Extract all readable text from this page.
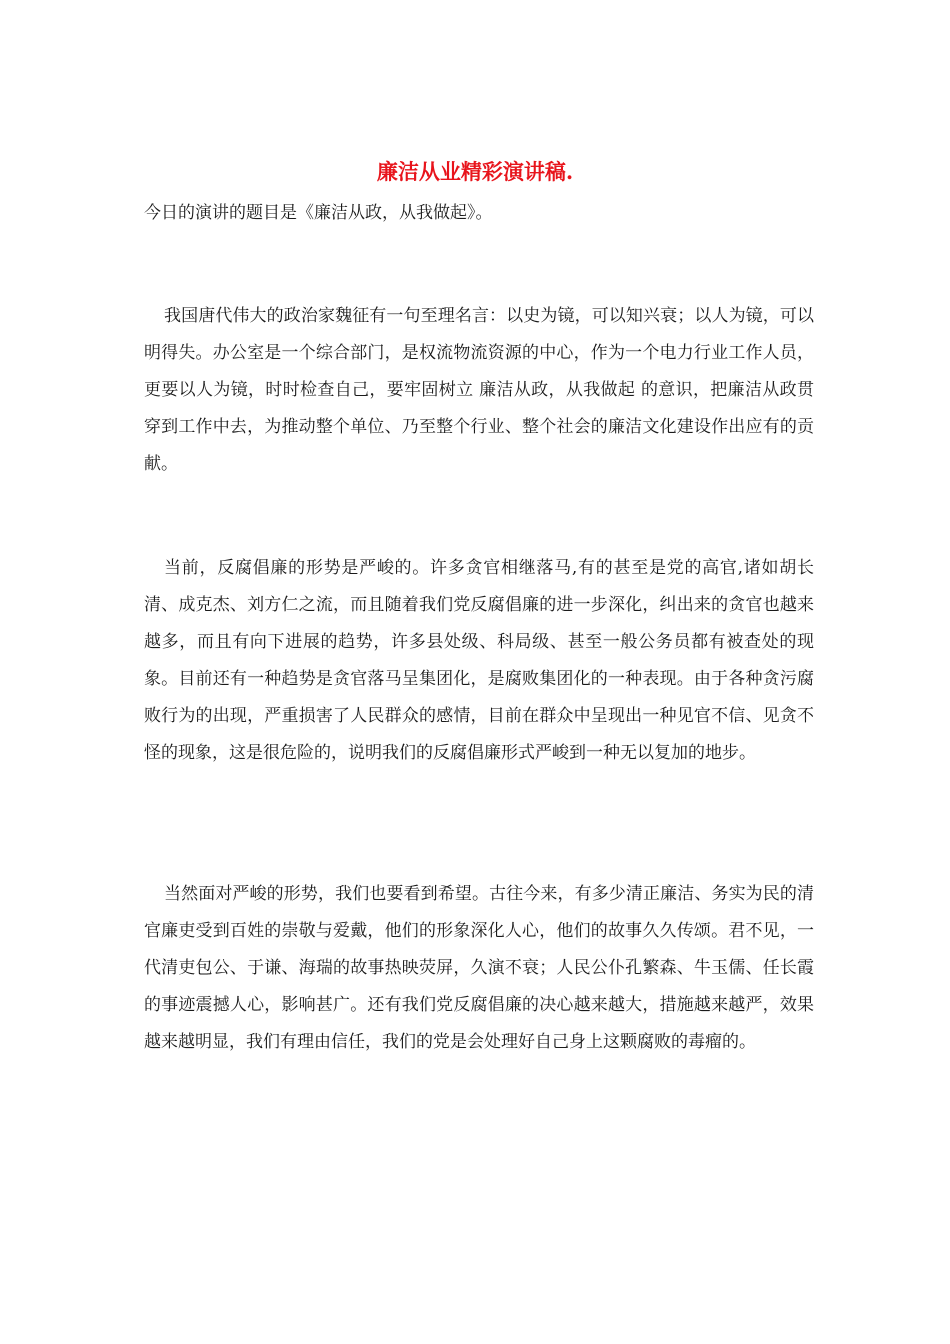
廉洁从业精彩演讲稿.

今日的演讲的题目是《廉洁从政，从我做起》。

我国唐代伟大的政治家魏征有一句至理名言：以史为镜，可以知兴衰；以人为镜，可以明得失。办公室是一个综合部门，是权流物流资源的中心，作为一个电力行业工作人员，更要以人为镜，时时检查自己，要牢固树立 廉洁从政，从我做起 的意识，把廉洁从政贯穿到工作中去，为推动整个单位、乃至整个行业、整个社会的廉洁文化建设作出应有的贡献。

当前，反腐倡廉的形势是严峻的。许多贪官相继落马,有的甚至是党的高官,诸如胡长清、成克杰、刘方仁之流，而且随着我们党反腐倡廉的进一步深化，纠出来的贪官也越来越多，而且有向下进展的趋势，许多县处级、科局级、甚至一般公务员都有被查处的现象。目前还有一种趋势是贪官落马呈集团化，是腐败集团化的一种表现。由于各种贪污腐败行为的出现，严重损害了人民群众的感情，目前在群众中呈现出一种见官不信、见贪不怪的现象，这是很危险的，说明我们的反腐倡廉形式严峻到一种无以复加的地步。

当然面对严峻的形势，我们也要看到希望。古往今来，有多少清正廉洁、务实为民的清官廉吏受到百姓的崇敬与爱戴，他们的形象深化人心，他们的故事久久传颂。君不见，一代清吏包公、于谦、海瑞的故事热映荧屏，久演不衰；人民公仆孔繁森、牛玉儒、任长霞的事迹震撼人心，影响甚广。还有我们党反腐倡廉的决心越来越大，措施越来越严，效果越来越明显，我们有理由信任，我们的党是会处理好自己身上这颗腐败的毒瘤的。
